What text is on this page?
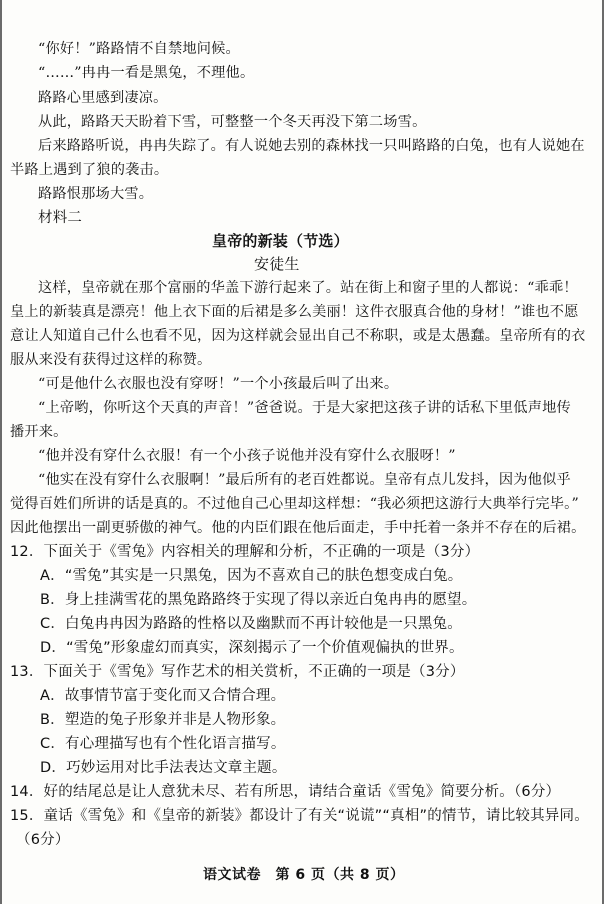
“你好！”路路情不自禁地问候。
“……”冉冉一看是黑兔，不理他。
路路心里感到凄凉。
从此，路路天天盼着下雪，可整整一个冬天再没下第二场雪。
后来路路听说，冉冉失踪了。有人说她去别的森林找一只叫路路的白兔，也有人说她在
半路上遇到了狼的袭击。
路路恨那场大雪。
材料二
皇帝的新装（节选）
安徒生
这样，皇帝就在那个富丽的华盖下游行起来了。站在街上和窗子里的人都说：“乖乖！
皇上的新装真是漂亮！他上衣下面的后裙是多么美丽！这件衣服真合他的身材！”谁也不愿
意让人知道自己什么也看不见，因为这样就会显出自己不称职，或是太愚蠢。皇帝所有的衣
服从来没有获得过这样的称赞。
“可是他什么衣服也没有穿呀！”一个小孩最后叫了出来。
“上帝哟，你听这个天真的声音！”爸爸说。于是大家把这孩子讲的话私下里低声地传
播开来。
“他并没有穿什么衣服！有一个小孩子说他并没有穿什么衣服呀！”
“他实在没有穿什么衣服啊！”最后所有的老百姓都说。皇帝有点儿发抖，因为他似乎
觉得百姓们所讲的话是真的。不过他自己心里却这样想：“我必须把这游行大典举行完毕。”
因此他摆出一副更骄傲的神气。他的内臣们跟在他后面走，手中托着一条并不存在的后裙。
12．下面关于《雪兔》内容相关的理解和分析，不正确的一项是（3分）
A．“雪兔”其实是一只黑兔，因为不喜欢自己的肤色想变成白兔。
B．身上挂满雪花的黑兔路路终于实现了得以亲近白兔冉冉的愿望。
C．白兔冉冉因为路路的性格以及幽默而不再计较他是一只黑兔。
D．“雪兔”形象虚幻而真实，深刻揭示了一个价值观偏执的世界。
13．下面关于《雪兔》写作艺术的相关赏析，不正确的一项是（3分）
A．故事情节富于变化而又合情合理。
B．塑造的兔子形象并非是人物形象。
C．有心理描写也有个性化语言描写。
D．巧妙运用对比手法表达文章主题。
14．好的结尾总是让人意犹未尽、若有所思，请结合童话《雪兔》简要分析。（6分）
15．童话《雪兔》和《皇帝的新装》都设计了有关“说谎”“真相”的情节，请比较其异同。
（6分）
语文试卷　第 6 页（共 8 页）
